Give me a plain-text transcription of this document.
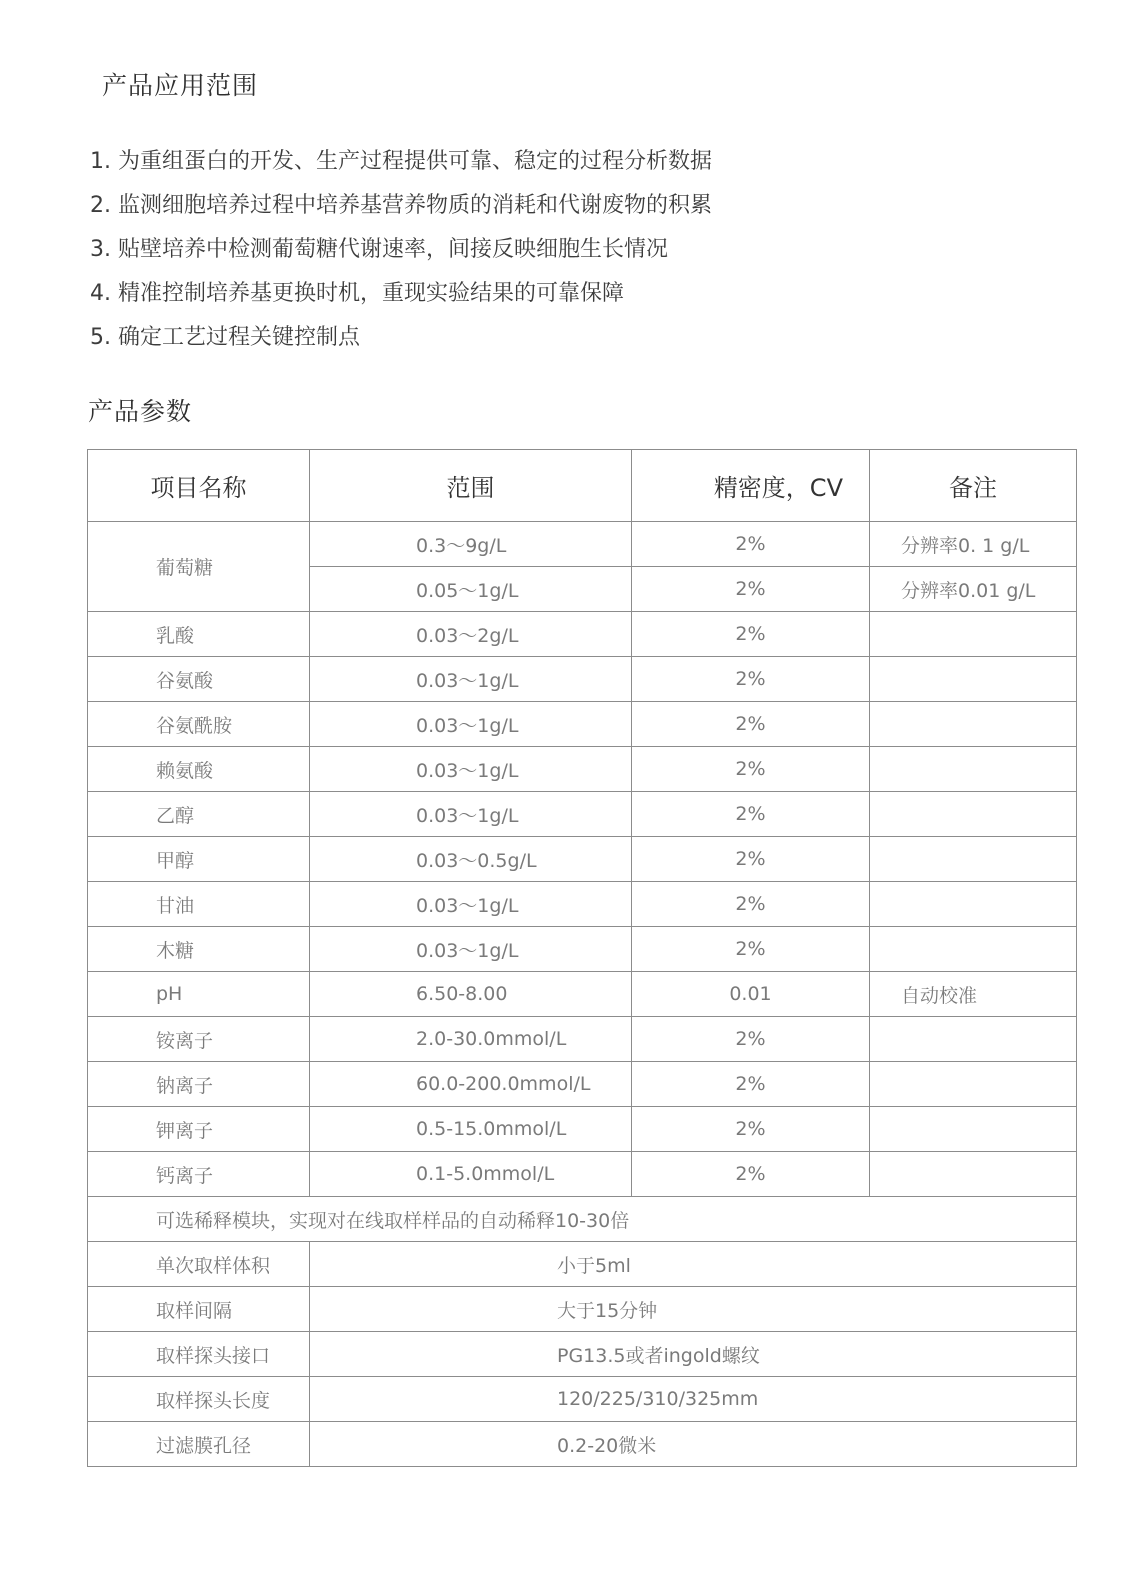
产品应用范围
1. 为重组蛋白的开发、生产过程提供可靠、稳定的过程分析数据
2. 监测细胞培养过程中培养基营养物质的消耗和代谢废物的积累
3. 贴壁培养中检测葡萄糖代谢速率，间接反映细胞生长情况
4. 精准控制培养基更换时机，重现实验结果的可靠保障
5. 确定工艺过程关键控制点
产品参数
项目名称	范围	精密度，CV	备注
葡萄糖	0.3～9g/L	2%	分辨率0. 1 g/L
	0.05～1g/L	2%	分辨率0.01 g/L
乳酸	0.03～2g/L	2%	
谷氨酸	0.03～1g/L	2%	
谷氨酰胺	0.03～1g/L	2%	
赖氨酸	0.03～1g/L	2%	
乙醇	0.03～1g/L	2%	
甲醇	0.03～0.5g/L	2%	
甘油	0.03～1g/L	2%	
木糖	0.03～1g/L	2%	
pH	6.50-8.00	0.01	自动校准
铵离子	2.0-30.0mmol/L	2%	
钠离子	60.0-200.0mmol/L	2%	
钾离子	0.5-15.0mmol/L	2%	
钙离子	0.1-5.0mmol/L	2%	
可选稀释模块，实现对在线取样样品的自动稀释10-30倍			
单次取样体积	小于5ml		
取样间隔	大于15分钟		
取样探头接口	PG13.5或者ingold螺纹		
取样探头长度	120/225/310/325mm		
过滤膜孔径	0.2-20微米		
